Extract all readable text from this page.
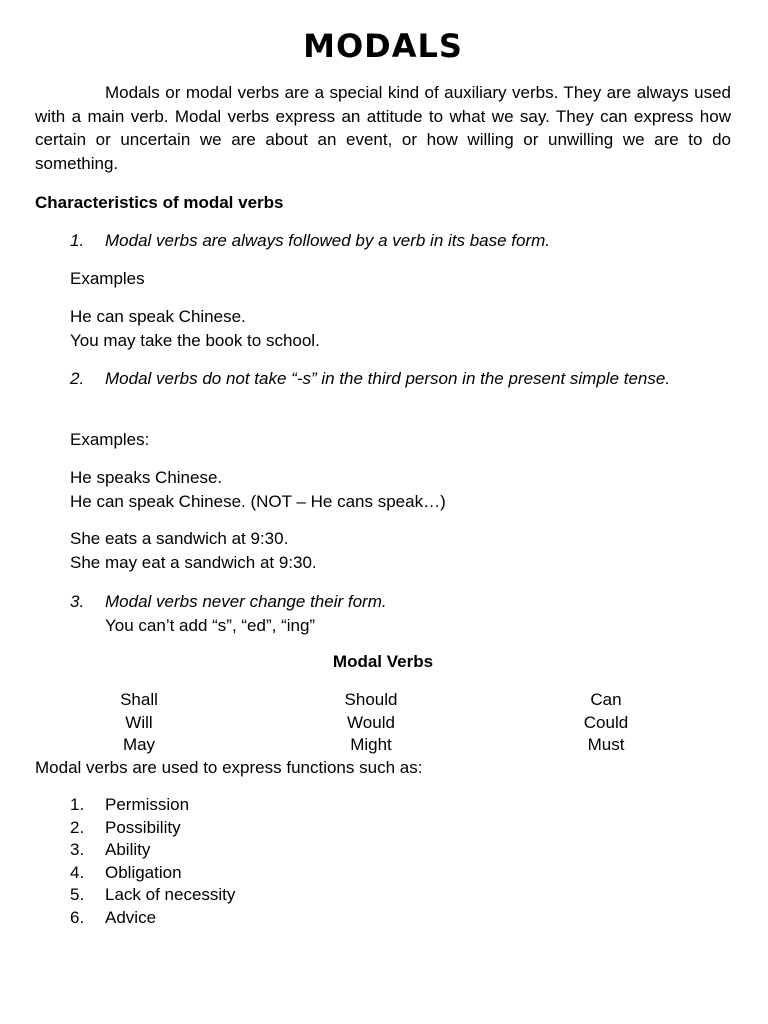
MODALS

Modals or modal verbs are a special kind of auxiliary verbs. They are always used with a main verb. Modal verbs express an attitude to what we say. They can express how certain or uncertain we are about an event, or how willing or unwilling we are to do something.

Characteristics of modal verbs

1. Modal verbs are always followed by a verb in its base form.
Examples
He can speak Chinese.
You may take the book to school.
2. Modal verbs do not take “-s” in the third person in the present simple tense.
Examples:
He speaks Chinese.
He can speak Chinese. (NOT – He cans speak…)
She eats a sandwich at 9:30.
She may eat a sandwich at 9:30.
3. Modal verbs never change their form.
You can’t add “s”, “ed”, “ing”
Modal Verbs
Shall	Should	Can
Will	Would	Could
May	Might	Must
Modal verbs are used to express functions such as:
1. Permission
2. Possibility
3. Ability
4. Obligation
5. Lack of necessity
6. Advice
